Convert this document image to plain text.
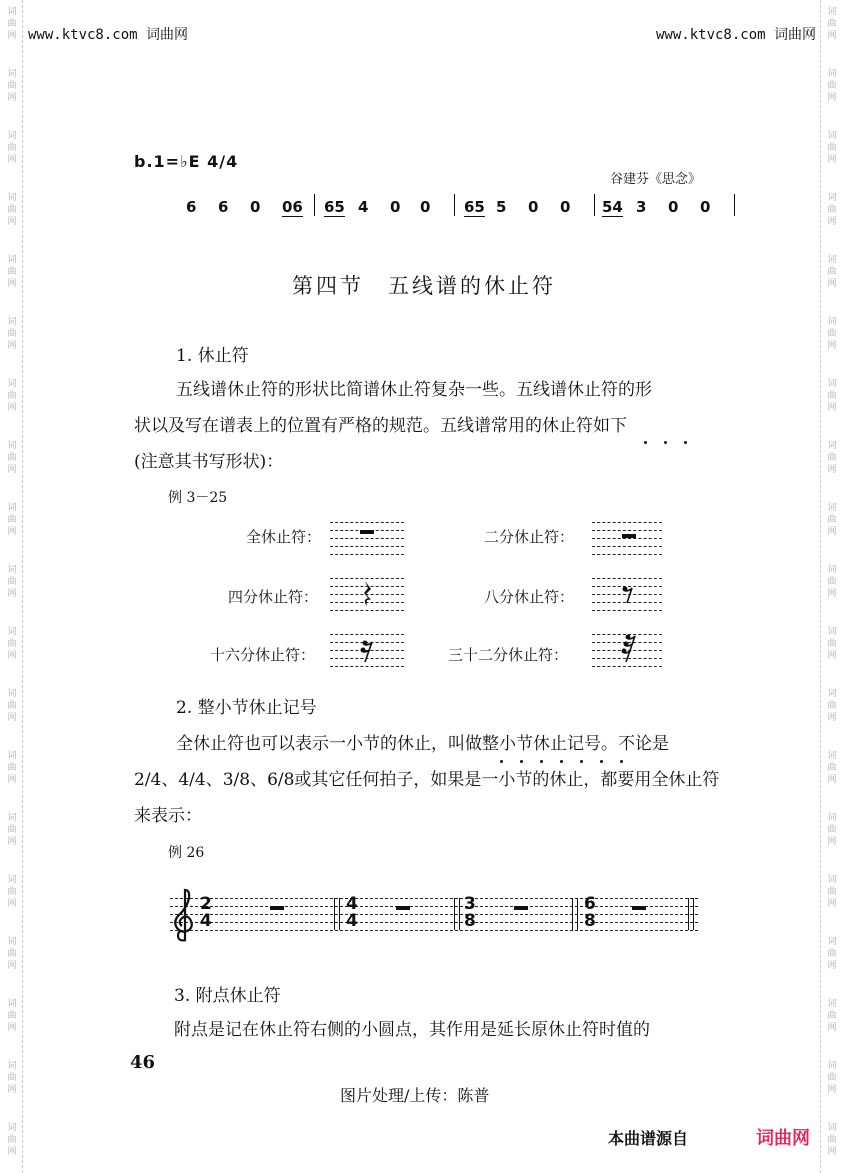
词
曲
网
词
曲
网
词
曲
网
词
曲
网
词
曲
网
词
曲
网
词
曲
网
词
曲
网
词
曲
网
词
曲
网
词
曲
网
词
曲
网
词
曲
网
词
曲
网
词
曲
网
词
曲
网
词
曲
网
词
曲
网
词
曲
网
词
曲
网
词
曲
网
词
曲
网
词
曲
网
词
曲
网
词
曲
网
词
曲
网
词
曲
网
词
曲
网
词
曲
网
词
曲
网
词
曲
网
词
曲
网
词
曲
网
词
曲
网
词
曲
网
词
曲
网
词
曲
网
词
曲
网
www.ktvc8.com 词曲网	www.ktvc8.com 词曲网
b.1=♭E 4/4
谷建芬《思念》
6 6 0 06 65 4 0 0 65 5 0 0 54 3 0 0
第四节　五线谱的休止符
1. 休止符
五线谱休止符的形状比简谱休止符复杂一些。五线谱休止符的形
状以及写在谱表上的位置有严格的规范。五线谱常用的休止符如下
(注意其书写形状)：
例 3－25
全休止符：	二分休止符：
四分休止符：	八分休止符：
十六分休止符：	三十二分休止符：
2. 整小节休止记号
全休止符也可以表示一小节的休止，叫做整小节休止记号。不论是
2/4、4/4、3/8、6/8或其它任何拍子，如果是一小节的休止，都要用全休止符
来表示：
例 26
2
4
4
4
3
8
6
8
3. 附点休止符
附点是记在休止符右侧的小圆点，其作用是延长原休止符时值的
46
图片处理/上传：陈普
本曲谱源自	词曲网
